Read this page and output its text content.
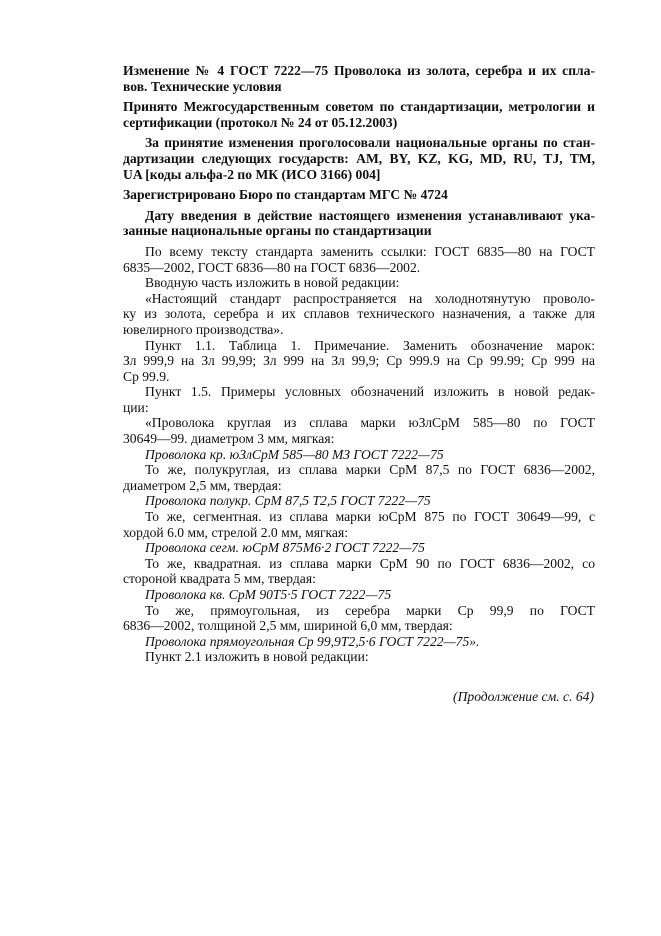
Изменение № 4 ГОСТ 7222—75 Проволока из золота, серебра и их спла-
вов. Технические условия
Принято Межгосударственным советом по стандартизации, метрологии и
сертификации (протокол № 24 от 05.12.2003)
За принятие изменения проголосовали национальные органы по стан-
дартизации следующих государств: AM, BY, KZ, KG, MD, RU, TJ, TM,
UA [коды альфа-2 по МК (ИСО 3166) 004]
Зарегистрировано Бюро по стандартам МГС № 4724
Дату введения в действие настоящего изменения устанавливают ука-
занные национальные органы по стандартизации
По всему тексту стандарта заменить ссылки: ГОСТ 6835—80 на ГОСТ
6835—2002, ГОСТ 6836—80 на ГОСТ 6836—2002.
Вводную часть изложить в новой редакции:
«Настоящий стандарт распространяется на холоднотянутую проволо-
ку из золота, серебра и их сплавов технического назначения, а также для
ювелирного производства».
Пункт 1.1. Таблица 1. Примечание. Заменить обозначение марок:
Зл 999,9 на Зл 99,99; Зл 999 на Зл 99,9; Ср 999.9 на Ср 99.99; Ср 999 на
Ср 99.9.
Пункт 1.5. Примеры условных обозначений изложить в новой редак-
ции:
«Проволока круглая из сплава марки юЗлСрМ 585—80 по ГОСТ
30649—99. диаметром 3 мм, мягкая:
Проволока кр. юЗлСрМ 585—80 МЗ ГОСТ 7222—75
То же, полукруглая, из сплава марки СрМ 87,5 по ГОСТ 6836—2002,
диаметром 2,5 мм, твердая:
Проволока полукр. СрМ 87,5 Т2,5 ГОСТ 7222—75
То же, сегментная. из сплава марки юСрМ 875 по ГОСТ 30649—99, с
хордой 6.0 мм, стрелой 2.0 мм, мягкая:
Проволока сегм. юСрМ 875М6·2 ГОСТ 7222—75
То же, квадратная. из сплава марки СрМ 90 по ГОСТ 6836—2002, со
стороной квадрата 5 мм, твердая:
Проволока кв. СрМ 90Т5·5 ГОСТ 7222—75
То же, прямоугольная, из серебра марки Ср 99,9 по ГОСТ
6836—2002, толщиной 2,5 мм, шириной 6,0 мм, твердая:
Проволока прямоугольная Ср 99,9Т2,5·6 ГОСТ 7222—75».
Пункт 2.1 изложить в новой редакции:
(Продолжение см. с. 64)
